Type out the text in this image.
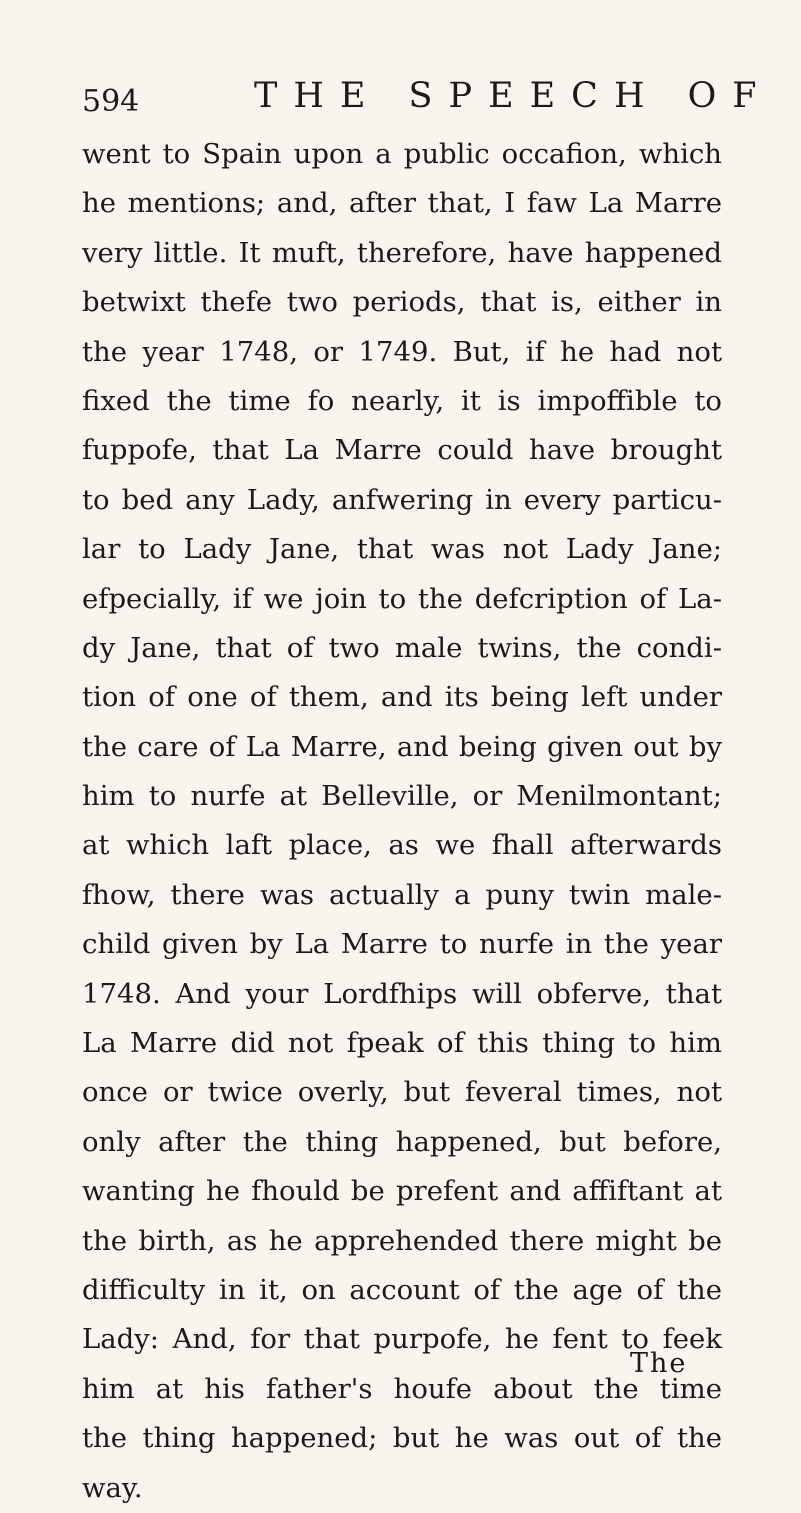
594	THE SPEECH OF
went to Spain upon a public occafion, which
he mentions; and, after that, I faw La Marre
very little. It muft, therefore, have happened
betwixt thefe two periods, that is, either in
the year 1748, or 1749. But, if he had not
fixed the time fo nearly, it is impoffible to
fuppofe, that La Marre could have brought
to bed any Lady, anfwering in every particu-
lar to Lady Jane, that was not Lady Jane;
efpecially, if we join to the defcription of La-
dy Jane, that of two male twins, the condi-
tion of one of them, and its being left under
the care of La Marre, and being given out by
him to nurfe at Belleville, or Menilmontant;
at which laft place, as we fhall afterwards
fhow, there was actually a puny twin male-
child given by La Marre to nurfe in the year
1748. And your Lordfhips will obferve, that
La Marre did not fpeak of this thing to him
once or twice overly, but feveral times, not
only after the thing happened, but before,
wanting he fhould be prefent and affiftant at
the birth, as he apprehended there might be
difficulty in it, on account of the age of the
Lady: And, for that purpofe, he fent to feek
him at his father's houfe about the time
the thing happened; but he was out of the
way.
The
